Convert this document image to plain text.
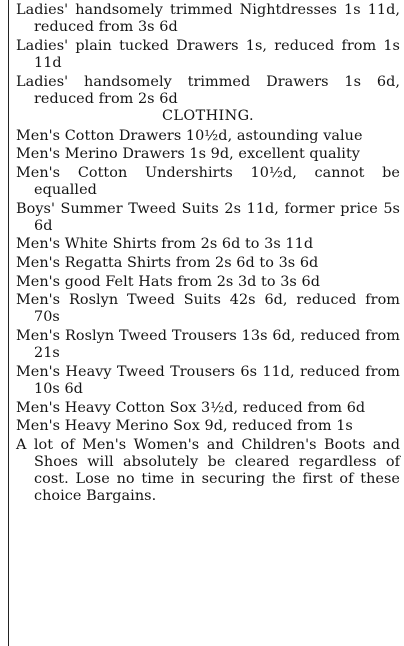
Ladies' handsomely trimmed Nightdresses 1s 11d, reduced from 3s 6d

Ladies' plain tucked Drawers 1s, reduced from 1s 11d

Ladies' handsomely trimmed Drawers 1s 6d, reduced from 2s 6d

CLOTHING.

Men's Cotton Drawers 10½d, astounding value

Men's Merino Drawers 1s 9d, excellent quality

Men's Cotton Undershirts 10½d, cannot be equalled

Boys' Summer Tweed Suits 2s 11d, former price 5s 6d

Men's White Shirts from 2s 6d to 3s 11d

Men's Regatta Shirts from 2s 6d to 3s 6d

Men's good Felt Hats from 2s 3d to 3s 6d

Men's Roslyn Tweed Suits 42s 6d, reduced from 70s

Men's Roslyn Tweed Trousers 13s 6d, reduced from 21s

Men's Heavy Tweed Trousers 6s 11d, reduced from 10s 6d

Men's Heavy Cotton Sox 3½d, reduced from 6d

Men's Heavy Merino Sox 9d, reduced from 1s

A lot of Men's Women's and Children's Boots and Shoes will absolutely be cleared regardless of cost. Lose no time in securing the first of these choice Bargains.
